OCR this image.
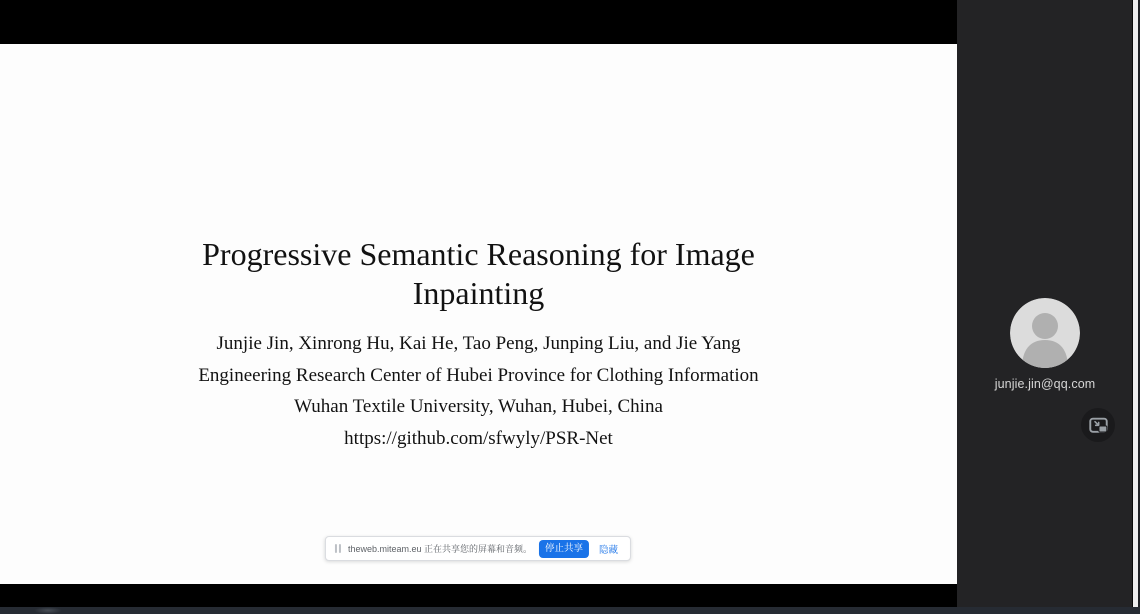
Progressive Semantic Reasoning for Image Inpainting
Junjie Jin, Xinrong Hu, Kai He, Tao Peng, Junping Liu, and Jie Yang
Engineering Research Center of Hubei Province for Clothing Information
Wuhan Textile University, Wuhan, Hubei, China
https://github.com/sfwyly/PSR-Net
theweb.miteam.eu 正在共享您的屏幕和音频。	停止共享	隐藏
junjie.jin@qq.com
